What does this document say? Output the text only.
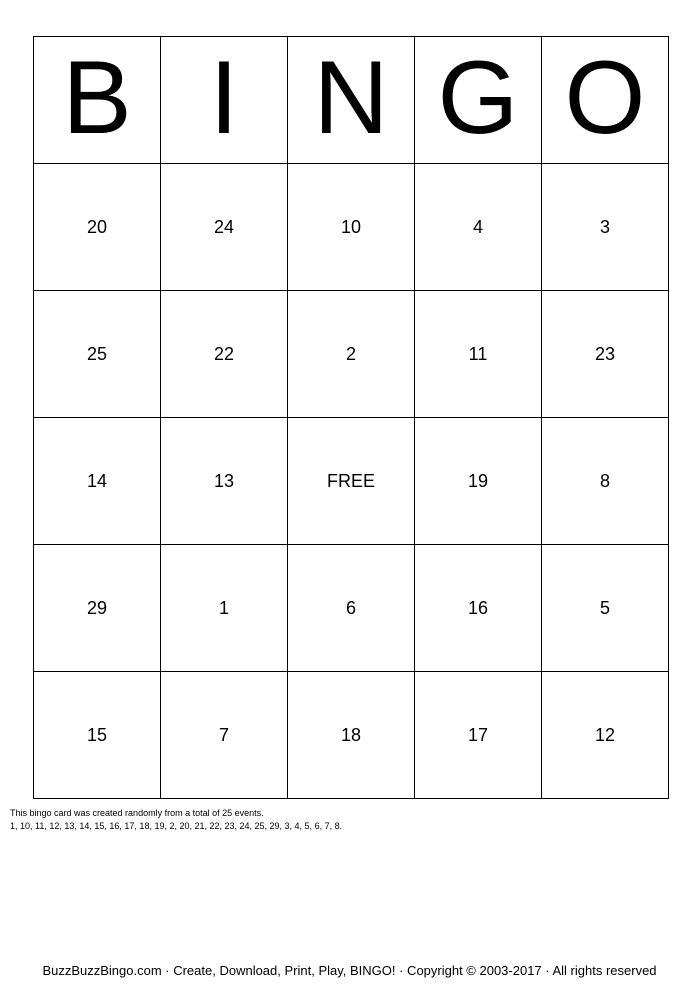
B	I	N	G	O
20	24	10	4	3
25	22	2	11	23
14	13	FREE	19	8
29	1	6	16	5
15	7	18	17	12
This bingo card was created randomly from a total of 25 events.
1, 10, 11, 12, 13, 14, 15, 16, 17, 18, 19, 2, 20, 21, 22, 23, 24, 25, 29, 3, 4, 5, 6, 7, 8.
BuzzBuzzBingo.com · Create, Download, Print, Play, BINGO! · Copyright © 2003-2017 · All rights reserved
